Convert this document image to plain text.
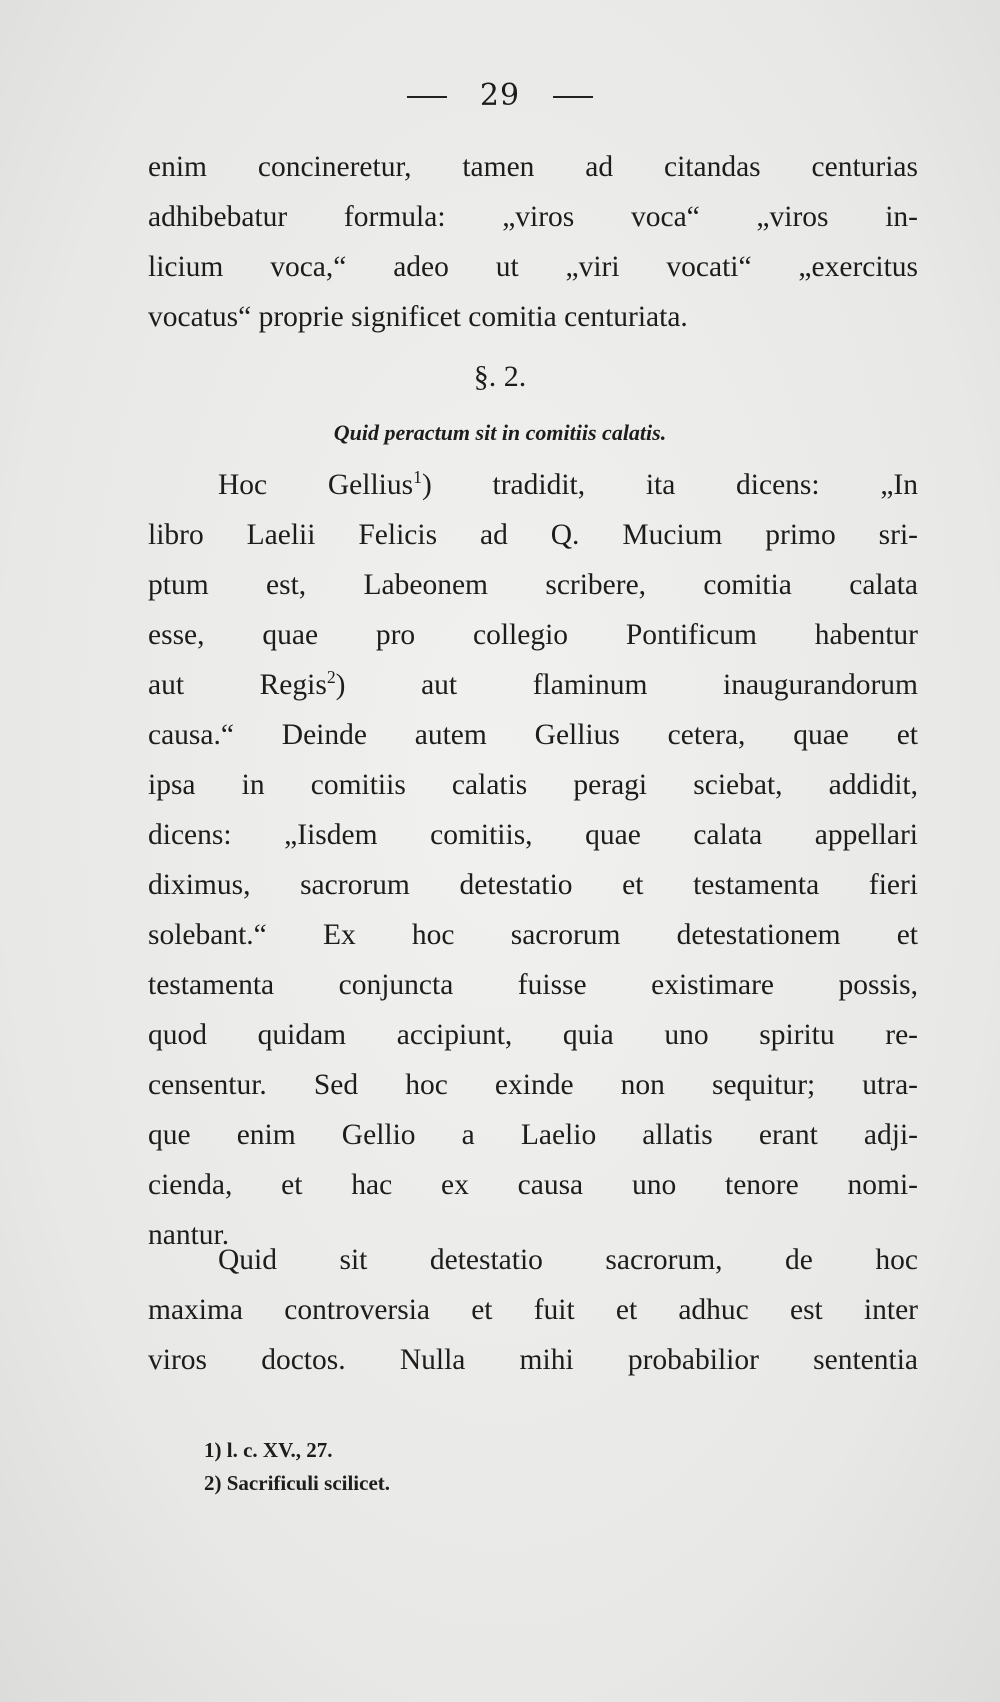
29
enim concineretur, tamen ad citandas centurias
adhibebatur formula: „viros voca“ „viros in-
licium voca,“ adeo ut „viri vocati“ „exercitus
vocatus“ proprie significet comitia centuriata.
§. 2.
Quid peractum sit in comitiis calatis.
Hoc Gellius$^1$) tradidit, ita dicens: „In
libro Laelii Felicis ad Q. Mucium primo sri-
ptum est, Labeonem scribere, comitia calata
esse, quae pro collegio Pontificum habentur
aut Regis$^2$) aut flaminum inaugurandorum
causa.“ Deinde autem Gellius cetera, quae et
ipsa in comitiis calatis peragi sciebat, addidit,
dicens: „Iisdem comitiis, quae calata appellari
diximus, sacrorum detestatio et testamenta fieri
solebant.“ Ex hoc sacrorum detestationem et
testamenta conjuncta fuisse existimare possis,
quod quidam accipiunt, quia uno spiritu re-
censentur. Sed hoc exinde non sequitur; utra-
que enim Gellio a Laelio allatis erant adji-
cienda, et hac ex causa uno tenore nomi-
nantur.
Quid sit detestatio sacrorum, de hoc
maxima controversia et fuit et adhuc est inter
viros doctos. Nulla mihi probabilior sententia
1) l. c. XV., 27.
2) Sacrificuli scilicet.
